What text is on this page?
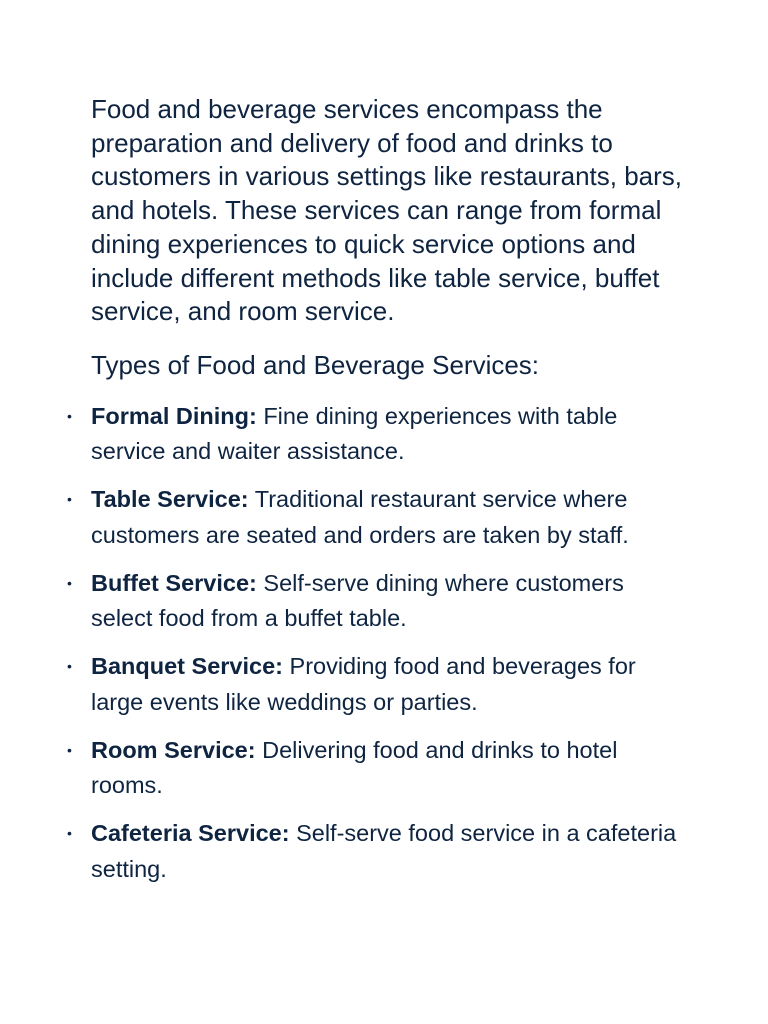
Food and beverage services encompass the preparation and delivery of food and drinks to customers in various settings like restaurants, bars, and hotels. These services can range from formal dining experiences to quick service options and include different methods like table service, buffet service, and room service.

Types of Food and Beverage Services:
• Formal Dining: Fine dining experiences with table service and waiter assistance.
• Table Service: Traditional restaurant service where customers are seated and orders are taken by staff.
• Buffet Service: Self-serve dining where customers select food from a buffet table.
• Banquet Service: Providing food and beverages for large events like weddings or parties.
• Room Service: Delivering food and drinks to hotel rooms.
• Cafeteria Service: Self-serve food service in a cafeteria setting.
